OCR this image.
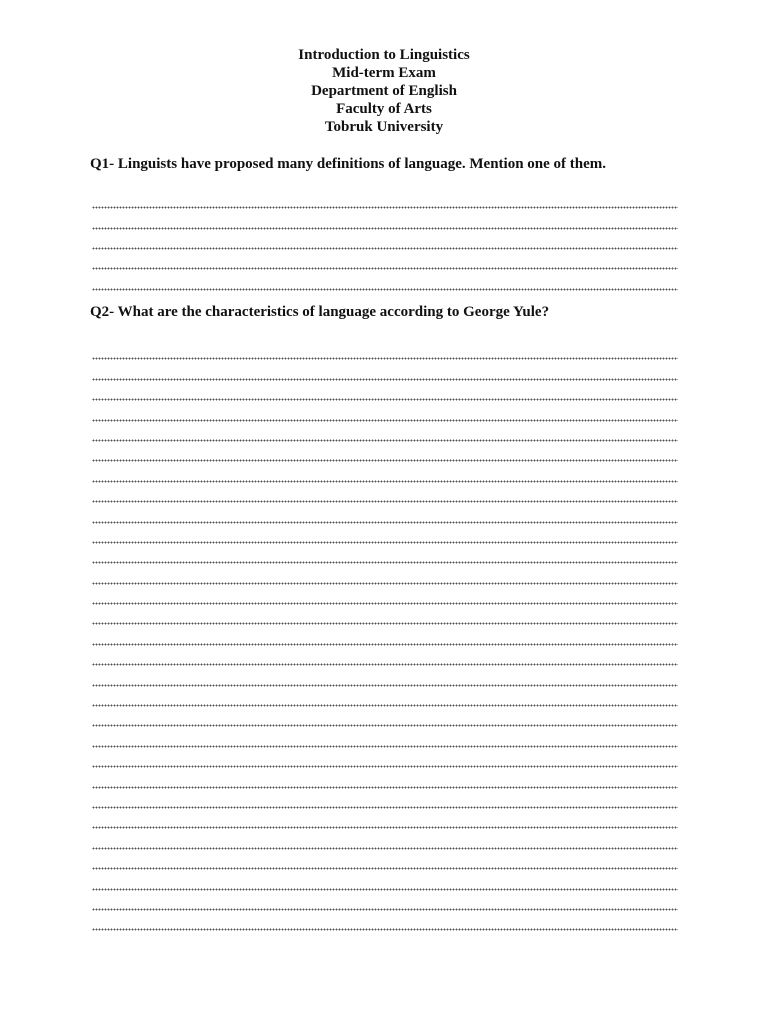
Introduction to Linguistics
Mid-term Exam
Department of English
Faculty of Arts
Tobruk University
Q1- Linguists have proposed many definitions of language. Mention one of them.
Q2- What are the characteristics of language according to George Yule?
